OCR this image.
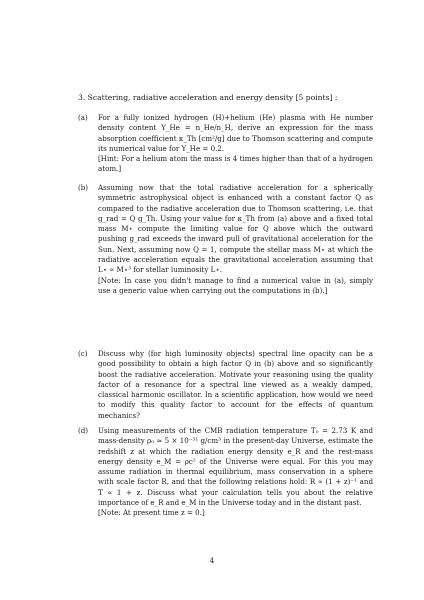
3. Scattering, radiative acceleration and energy density [5 points] :
(a) For a fully ionized hydrogen (H)+helium (He) plasma with He number density content Y_He = n_He/n_H, derive an expression for the mass absorption coefficient κ_Th [cm²/g] due to Thomson scattering and compute its numerical value for Y_He = 0.2.
[Hint: For a helium atom the mass is 4 times higher than that of a hydrogen atom.]
(b) Assuming now that the total radiative acceleration for a spherically symmetric astrophysical object is enhanced with a constant factor Q as compared to the radiative acceleration due to Thomson scattering, i.e. that g_rad = Q g_Th. Using your value for κ_Th from (a) above and a fixed total mass M⋆ compute the limiting value for Q above which the outward pushing g_rad exceeds the inward pull of gravitational acceleration for the Sun. Next, assuming now Q = 1, compute the stellar mass M⋆ at which the radiative acceleration equals the gravitational acceleration assuming that L⋆ ∝ M⋆³ for stellar luminosity L⋆.
[Note: In case you didn't manage to find a numerical value in (a), simply use a generic value when carrying out the computations in (b).]
(c) Discuss why (for high luminosity objects) spectral line opacity can be a good possibility to obtain a high factor Q in (b) above and so significantly boost the radiative acceleration. Motivate your reasoning using the quality factor of a resonance for a spectral line viewed as a weakly damped, classical harmonic oscillator. In a scientific application, how would we need to modify this quality factor to account for the effects of quantum mechanics?
(d) Using measurements of the CMB radiation temperature T₀ = 2.73 K and mass-density ρ₀ ≈ 5 × 10⁻³¹ g/cm³ in the present-day Universe, estimate the redshift z at which the radiation energy density e_R and the rest-mass energy density e_M = ρc² of the Universe were equal. For this you may assume radiation in thermal equilibrium, mass conservation in a sphere with scale factor R, and that the following relations hold: R ∝ (1 + z)⁻¹ and T ∝ 1 + z. Discuss what your calculation tells you about the relative importance of e_R and e_M in the Universe today and in the distant past.
[Note: At present time z = 0.]
4
